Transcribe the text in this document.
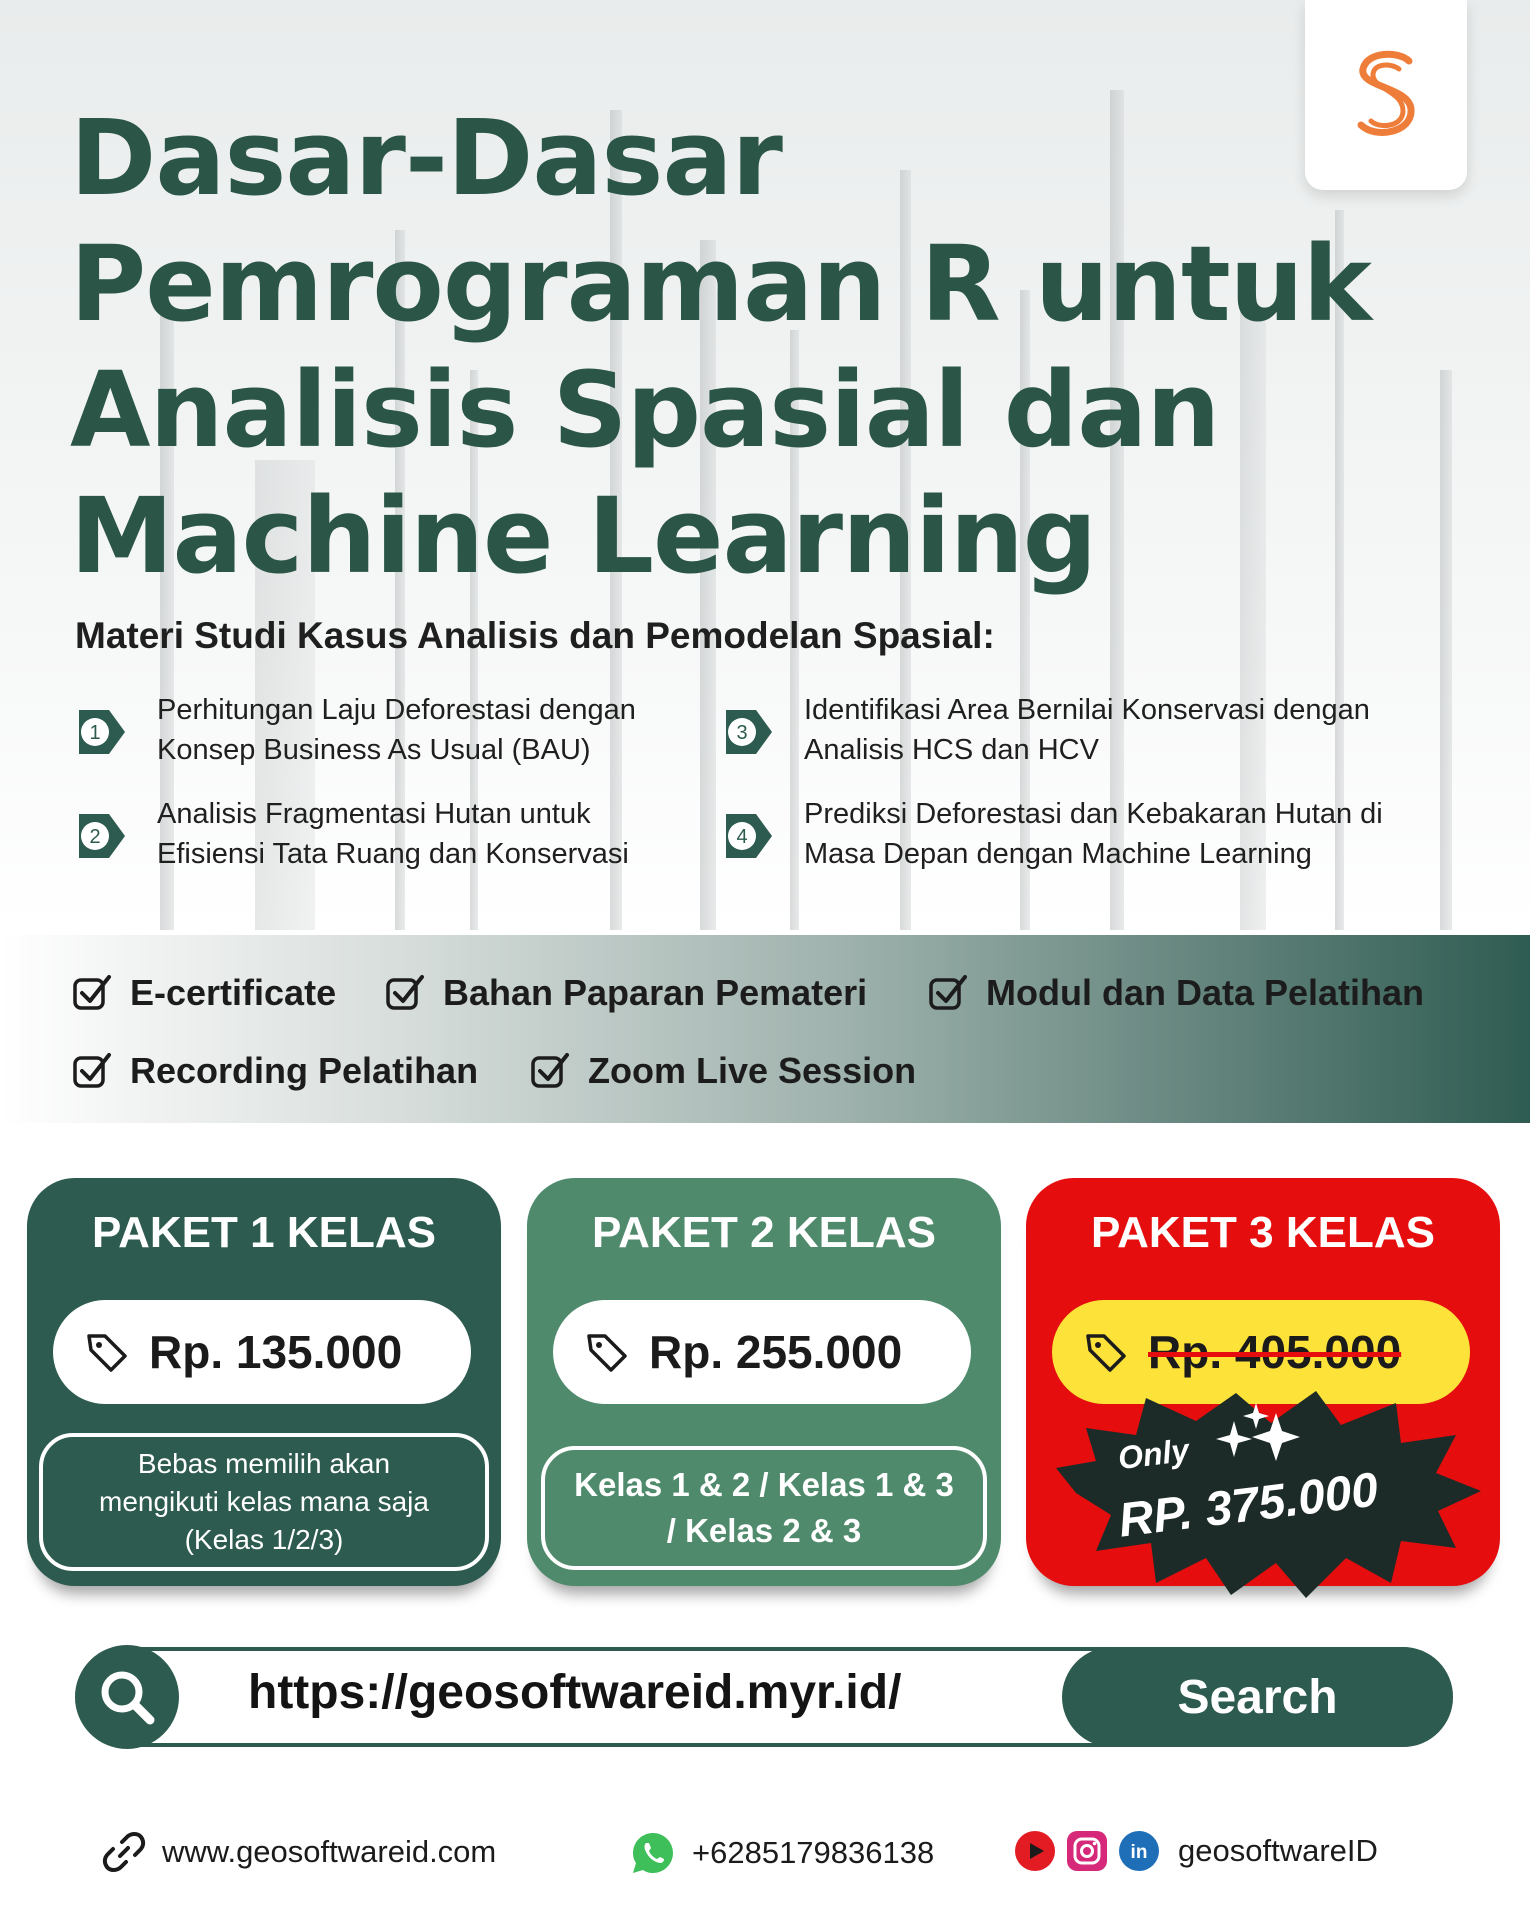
Dasar-Dasar
Pemrograman R untuk
Analisis Spasial dan
Machine Learning
Materi Studi Kasus Analisis dan Pemodelan Spasial:
1
Perhitungan Laju Deforestasi dengan
Konsep Business As Usual (BAU)
2
Analisis Fragmentasi Hutan untuk
Efisiensi Tata Ruang dan Konservasi
3
Identifikasi Area Bernilai Konservasi dengan
Analisis HCS dan HCV
4
Prediksi Deforestasi dan Kebakaran Hutan di
Masa Depan dengan Machine Learning
E-certificate	Bahan Paparan Pemateri	Modul dan Data Pelatihan
Recording Pelatihan	Zoom Live Session
PAKET 1 KELAS
Rp. 135.000
Bebas memilih akan
mengikuti kelas mana saja
(Kelas 1/2/3)
PAKET 2 KELAS
Rp. 255.000
Kelas 1 & 2 / Kelas 1 & 3
/ Kelas 2 & 3
PAKET 3 KELAS
Rp. 405.000
Only
RP. 375.000
https://geosoftwareid.myr.id/	Search
www.geosoftwareid.com	+6285179836138	in geosoftwareID
